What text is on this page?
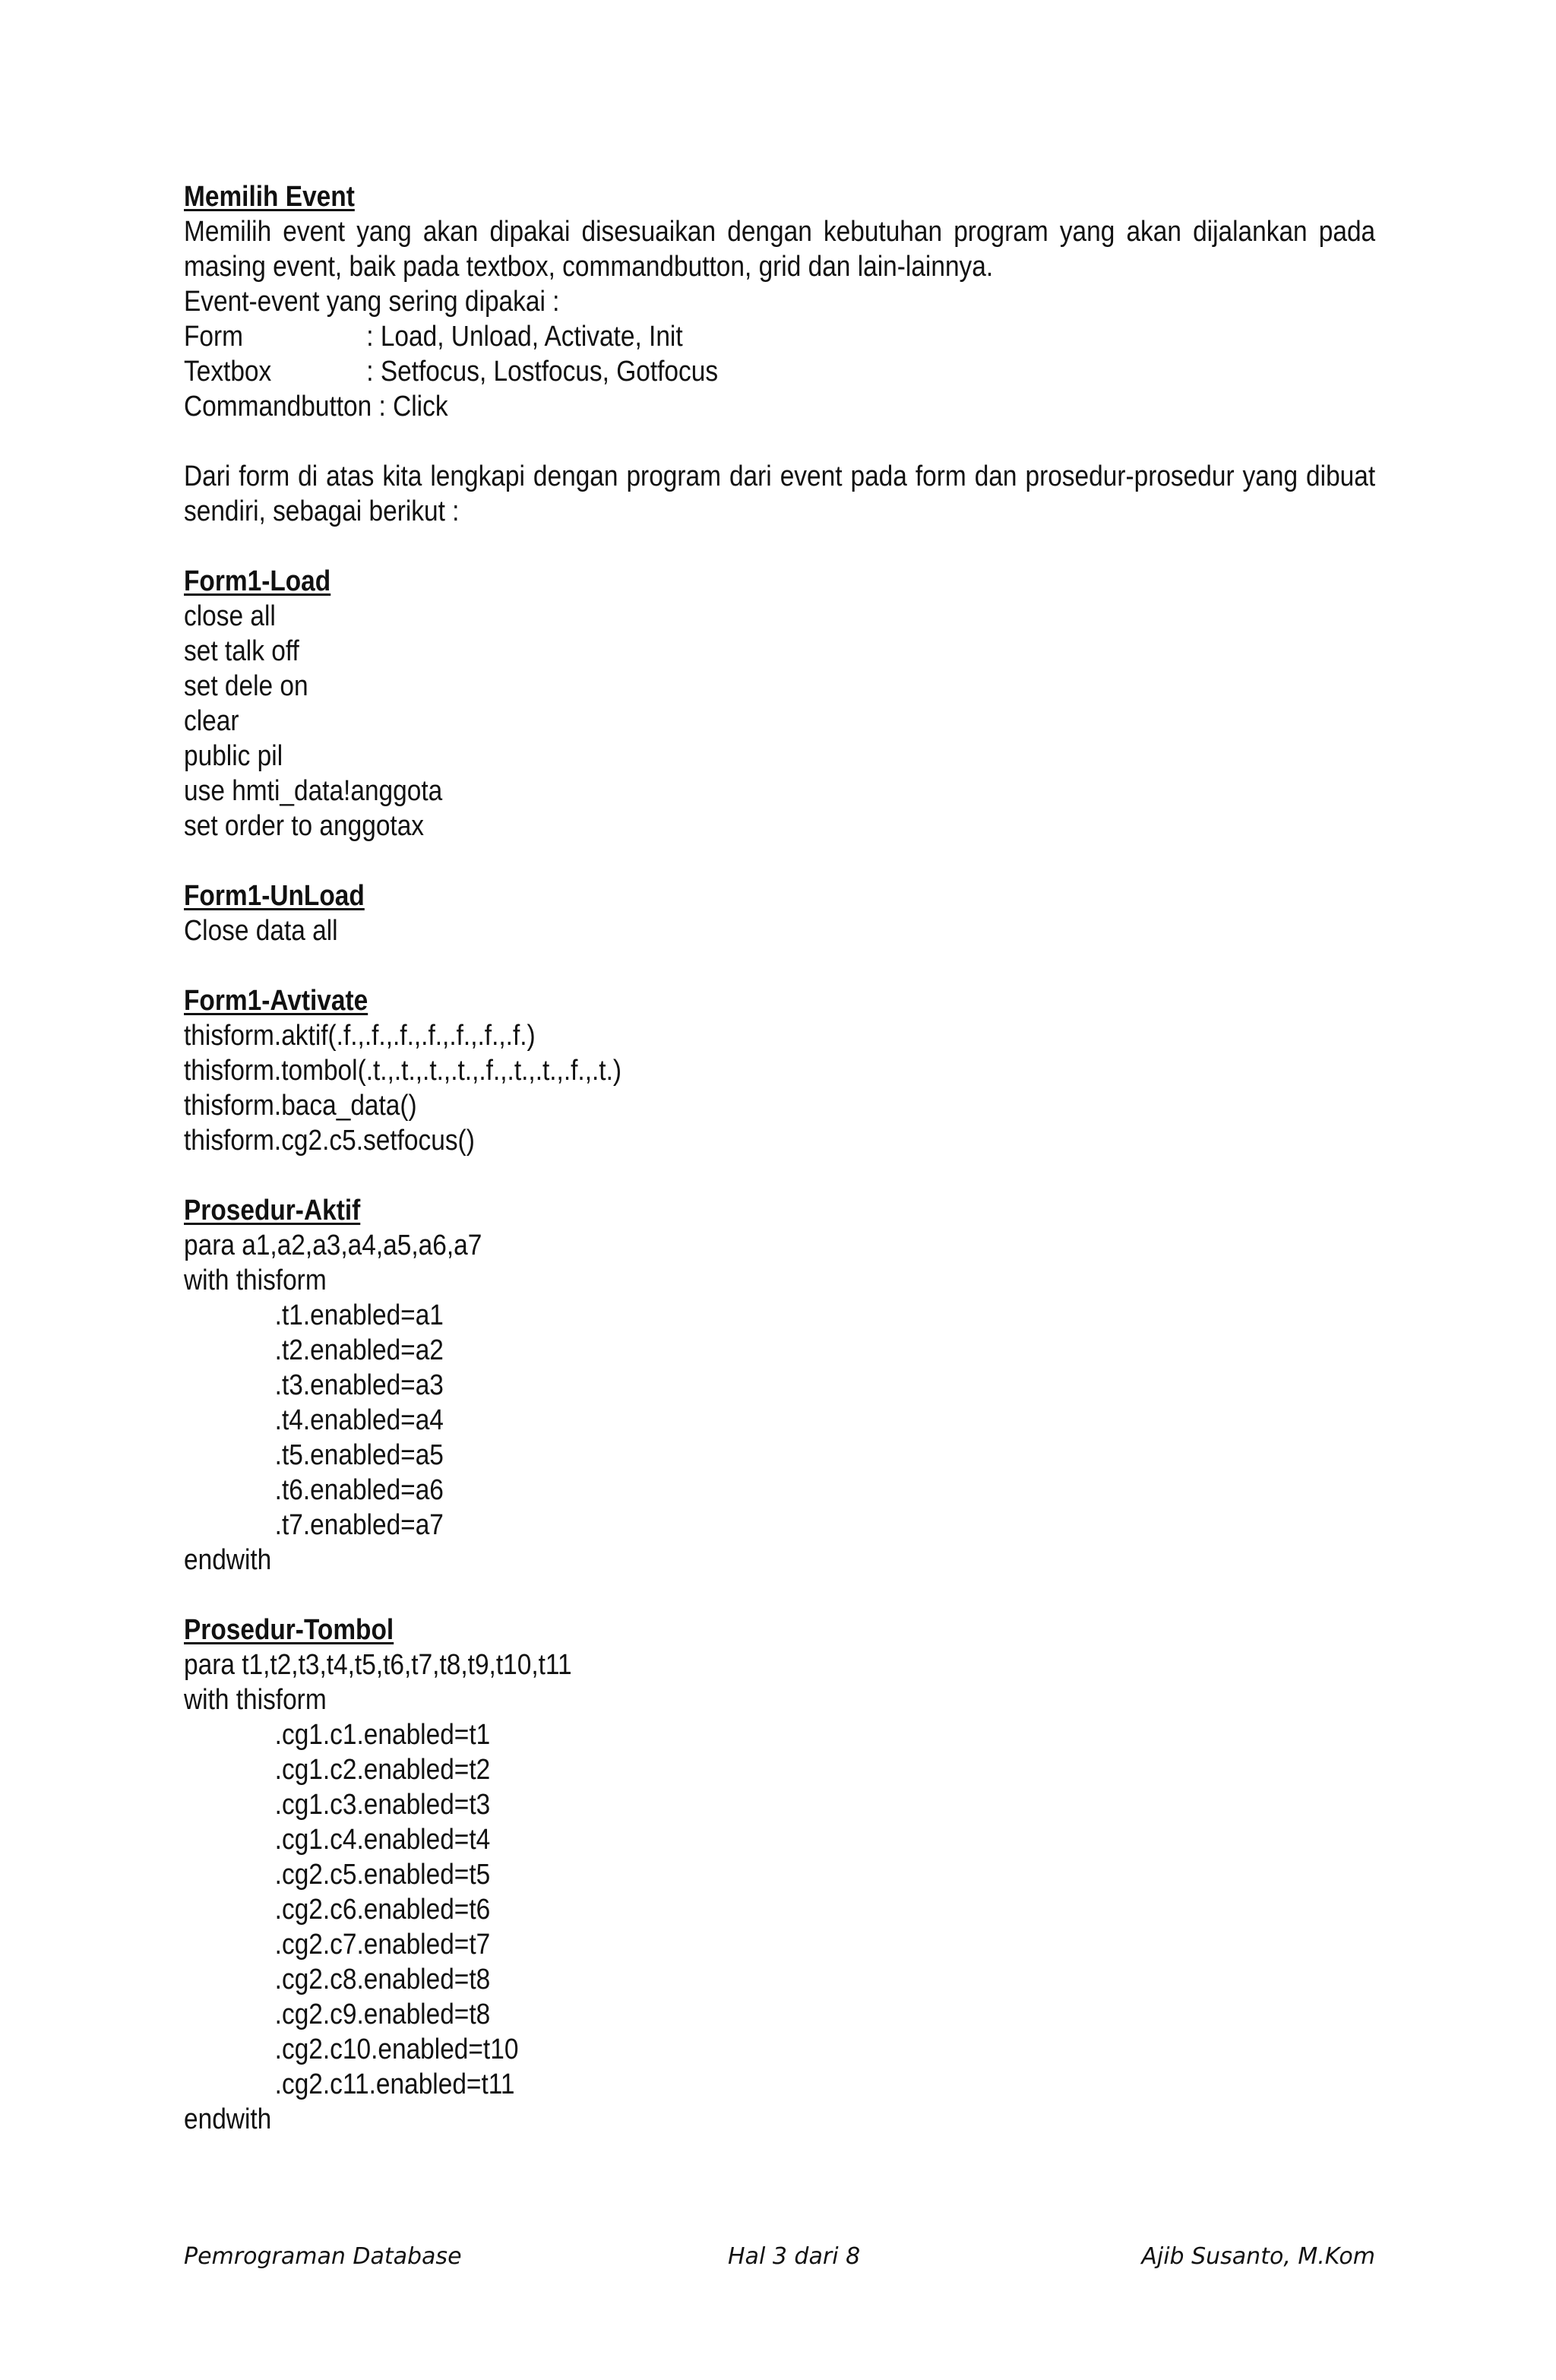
Memilih Event
Memilih event yang akan dipakai disesuaikan dengan kebutuhan program yang akan dijalankan pada masing event, baik pada textbox, commandbutton, grid dan lain-lainnya.
Event-event yang sering dipakai :
Form	: Load, Unload, Activate, Init
Textbox	: Setfocus, Lostfocus, Gotfocus
Commandbutton : Click
Dari form di atas kita lengkapi dengan program dari event pada form dan prosedur-prosedur yang dibuat sendiri, sebagai berikut :
Form1-Load
close all
set talk off
set dele on
clear
public pil
use hmti_data!anggota
set order to anggotax
Form1-UnLoad
Close data all
Form1-Avtivate
thisform.aktif(.f.,.f.,.f.,.f.,.f.,.f.,.f.)
thisform.tombol(.t.,.t.,.t.,.t.,.f.,.t.,.t.,.f.,.t.)
thisform.baca_data()
thisform.cg2.c5.setfocus()
Prosedur-Aktif
para a1,a2,a3,a4,a5,a6,a7
with thisform
.t1.enabled=a1
.t2.enabled=a2
.t3.enabled=a3
.t4.enabled=a4
.t5.enabled=a5
.t6.enabled=a6
.t7.enabled=a7
endwith
Prosedur-Tombol
para t1,t2,t3,t4,t5,t6,t7,t8,t9,t10,t11
with thisform
.cg1.c1.enabled=t1
.cg1.c2.enabled=t2
.cg1.c3.enabled=t3
.cg1.c4.enabled=t4
.cg2.c5.enabled=t5
.cg2.c6.enabled=t6
.cg2.c7.enabled=t7
.cg2.c8.enabled=t8
.cg2.c9.enabled=t8
.cg2.c10.enabled=t10
.cg2.c11.enabled=t11
endwith
Pemrograman Database	Hal 3 dari 8	Ajib Susanto, M.Kom
